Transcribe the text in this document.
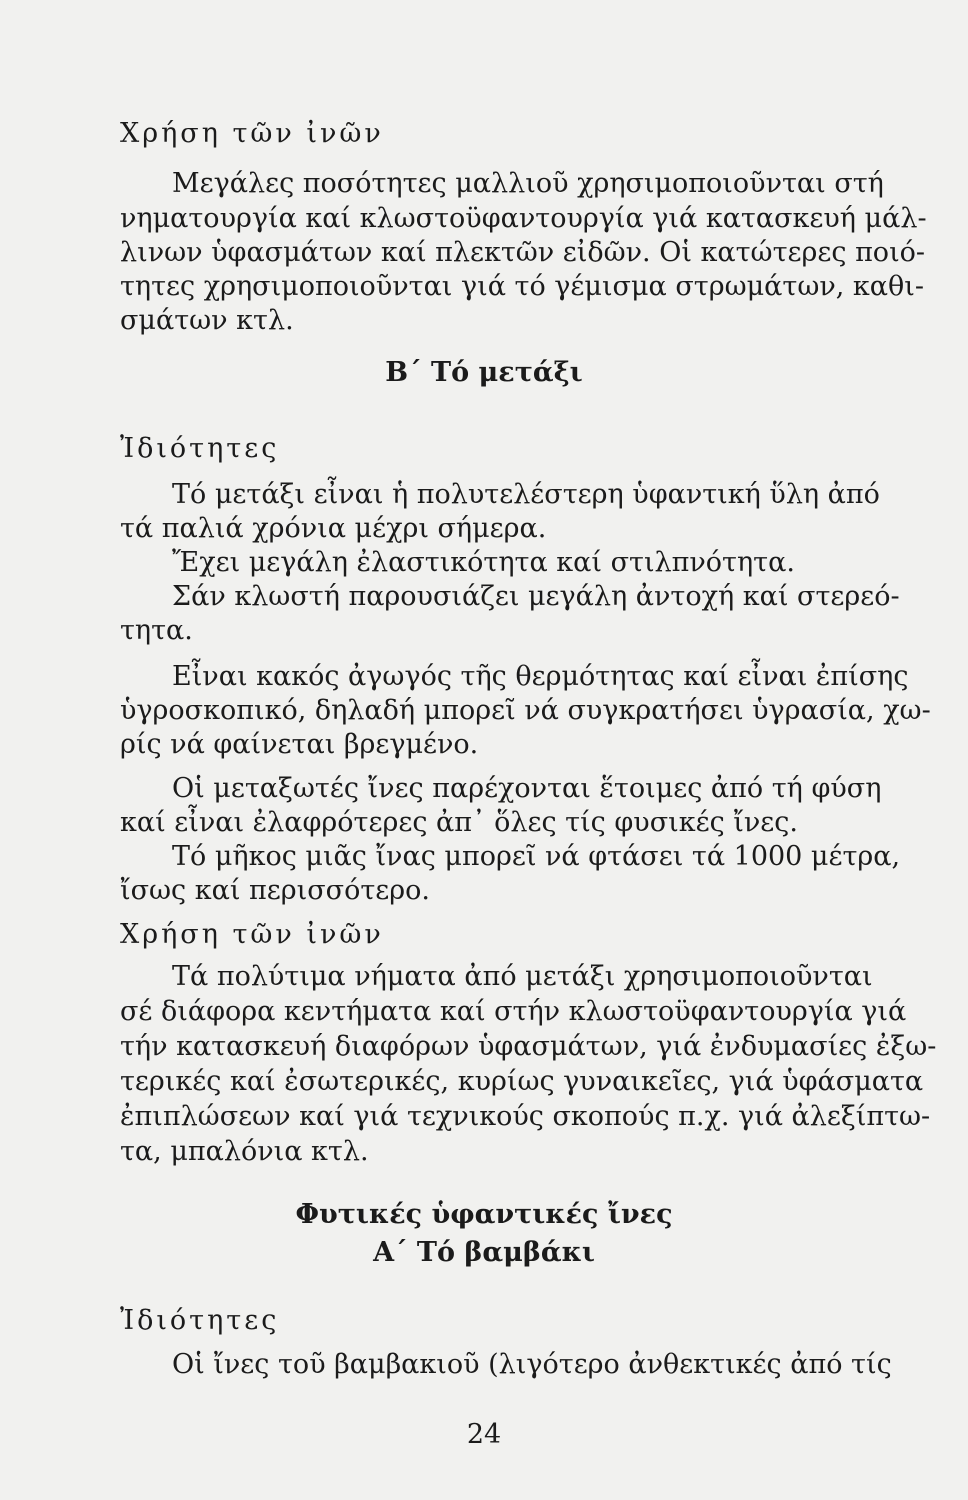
Χρήση τῶν ἰνῶν
Μεγάλες ποσότητες μαλλιοῦ χρησιμοποιοῦνται στή
νηματουργία καί κλωστοϋφαντουργία γιά κατασκευή μάλ-
λινων ὑφασμάτων καί πλεκτῶν εἰδῶν. Οἱ κατώτερες ποιό-
τητες χρησιμοποιοῦνται γιά τό γέμισμα στρωμάτων, καθι-
σμάτων κτλ.
Β΄ Τό μετάξι
Ἰδιότητες
Τό μετάξι εἶναι ἡ πολυτελέστερη ὑφαντική ὕλη ἀπό
τά παλιά χρόνια μέχρι σήμερα.
Ἔχει μεγάλη ἐλαστικότητα καί στιλπνότητα.
Σάν κλωστή παρουσιάζει μεγάλη ἀντοχή καί στερεό-
τητα.
Εἶναι κακός ἀγωγός τῆς θερμότητας καί εἶναι ἐπίσης
ὑγροσκοπικό, δηλαδή μπορεῖ νά συγκρατήσει ὑγρασία, χω-
ρίς νά φαίνεται βρεγμένο.
Οἱ μεταξωτές ἴνες παρέχονται ἕτοιμες ἀπό τή φύση
καί εἶναι ἐλαφρότερες ἀπ᾿ ὅλες τίς φυσικές ἴνες.
Τό μῆκος μιᾶς ἴνας μπορεῖ νά φτάσει τά 1000 μέτρα,
ἴσως καί περισσότερο.
Χρήση τῶν ἰνῶν
Τά πολύτιμα νήματα ἀπό μετάξι χρησιμοποιοῦνται
σέ διάφορα κεντήματα καί στήν κλωστοϋφαντουργία γιά
τήν κατασκευή διαφόρων ὑφασμάτων, γιά ἐνδυμασίες ἐξω-
τερικές καί ἐσωτερικές, κυρίως γυναικεῖες, γιά ὑφάσματα
ἐπιπλώσεων καί γιά τεχνικούς σκοπούς π.χ. γιά ἀλεξίπτω-
τα, μπαλόνια κτλ.
Φυτικές ὑφαντικές ἴνες
Α΄ Τό βαμβάκι
Ἰδιότητες
Οἱ ἴνες τοῦ βαμβακιοῦ (λιγότερο ἀνθεκτικές ἀπό τίς
24
